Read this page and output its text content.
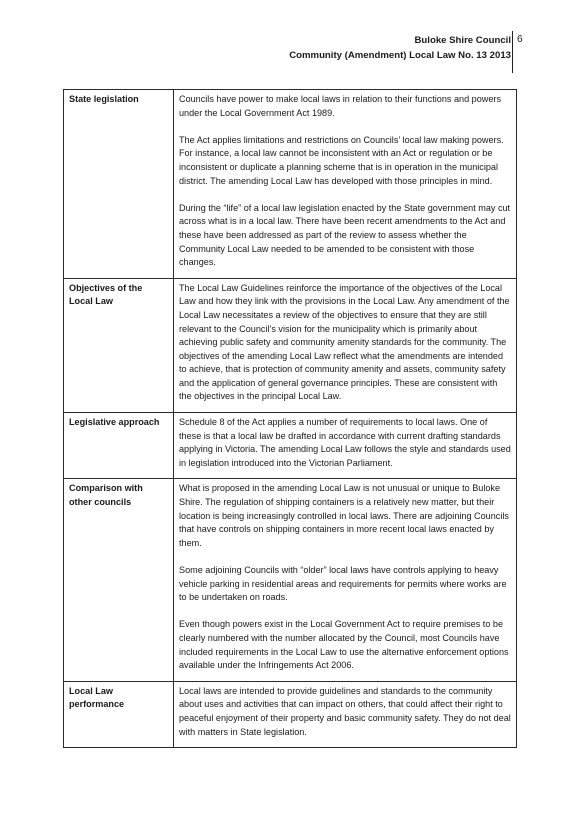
Buloke Shire Council
Community (Amendment) Local Law No. 13 2013
6
State legislation	Councils have power to make local laws in relation to their functions and powers under the Local Government Act 1989.

The Act applies limitations and restrictions on Councils’ local law making powers. For instance, a local law cannot be inconsistent with an Act or regulation or be inconsistent or duplicate a planning scheme that is in operation in the municipal district. The amending Local Law has developed with those principles in mind.

During the “life” of a local law legislation enacted by the State government may cut across what is in a local law. There have been recent amendments to the Act and these have been addressed as part of the review to assess whether the Community Local Law needed to be amended to be consistent with those changes.

Objectives of the Local Law	The Local Law Guidelines reinforce the importance of the objectives of the Local Law and how they link with the provisions in the Local Law. Any amendment of the Local Law necessitates a review of the objectives to ensure that they are still relevant to the Council’s vision for the municipality which is primarily about achieving public safety and community amenity standards for the community. The objectives of the amending Local Law reflect what the amendments are intended to achieve, that is protection of community amenity and assets, community safety and the application of general governance principles. These are consistent with the objectives in the principal Local Law.

Legislative approach	Schedule 8 of the Act applies a number of requirements to local laws. One of these is that a local law be drafted in accordance with current drafting standards applying in Victoria. The amending Local Law follows the style and standards used in legislation introduced into the Victorian Parliament.

Comparison with other councils	What is proposed in the amending Local Law is not unusual or unique to Buloke Shire. The regulation of shipping containers is a relatively new matter, but their location is being increasingly controlled in local laws. There are adjoining Councils that have controls on shipping containers in more recent local laws enacted by them.

Some adjoining Councils with “older” local laws have controls applying to heavy vehicle parking in residential areas and requirements for permits where works are to be undertaken on roads.

Even though powers exist in the Local Government Act to require premises to be clearly numbered with the number allocated by the Council, most Councils have included requirements in the Local Law to use the alternative enforcement options available under the Infringements Act 2006.

Local Law performance	Local laws are intended to provide guidelines and standards to the community about uses and activities that can impact on others, that could affect their right to peaceful enjoyment of their property and basic community safety. They do not deal with matters in State legislation.
